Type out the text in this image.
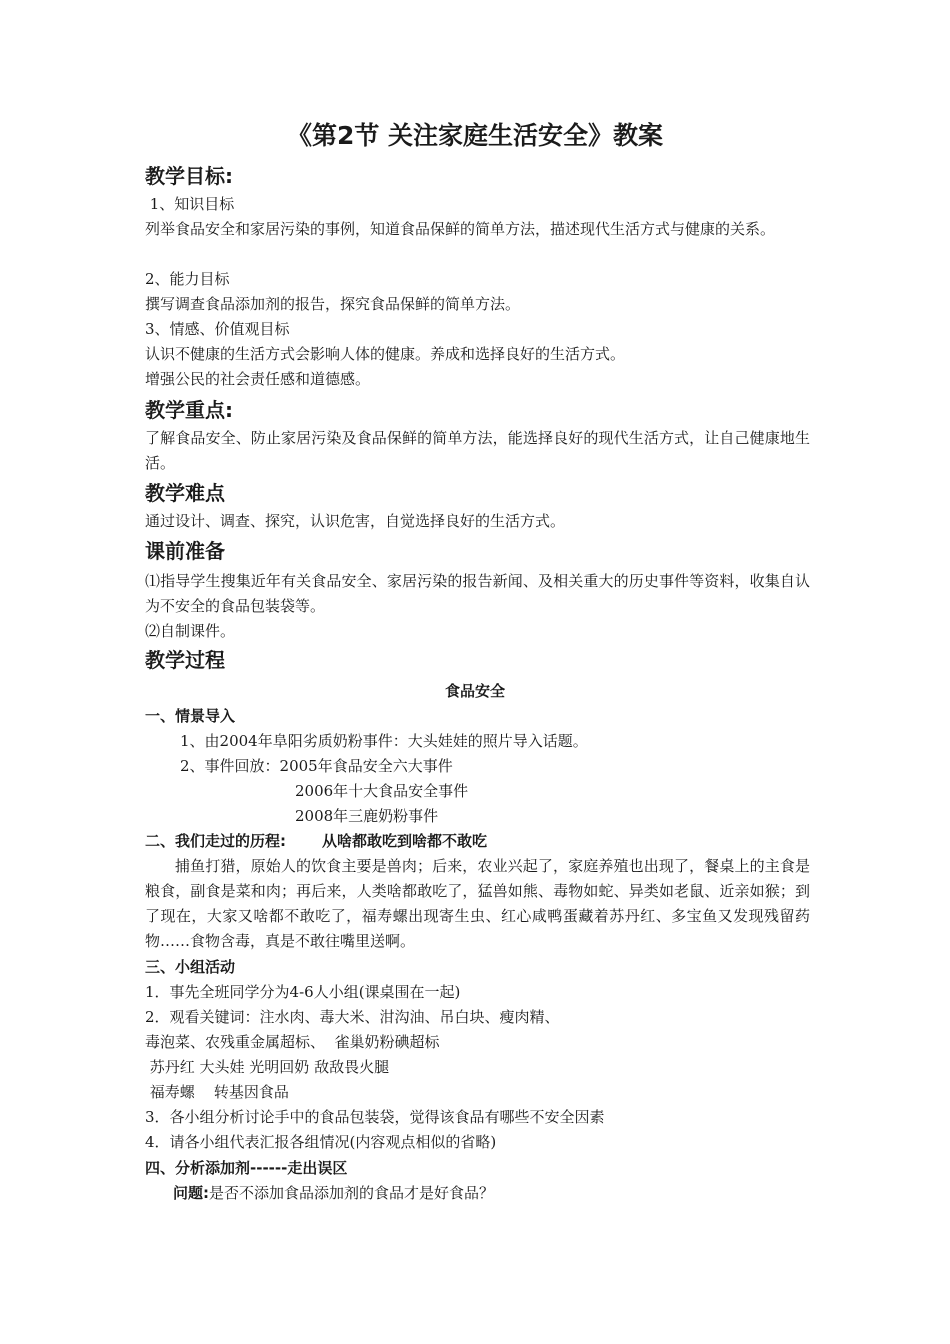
《第2节 关注家庭生活安全》教案
教学目标:
1、知识目标
列举食品安全和家居污染的事例，知道食品保鲜的简单方法，描述现代生活方式与健康的关系。
2、能力目标
撰写调查食品添加剂的报告，探究食品保鲜的简单方法。
3、情感、价值观目标
认识不健康的生活方式会影响人体的健康。养成和选择良好的生活方式。
增强公民的社会责任感和道德感。
教学重点:
了解食品安全、防止家居污染及食品保鲜的简单方法，能选择良好的现代生活方式，让自己健康地生活。
教学难点
通过设计、调查、探究，认识危害，自觉选择良好的生活方式。
课前准备
⑴指导学生搜集近年有关食品安全、家居污染的报告新闻、及相关重大的历史事件等资料，收集自认为不安全的食品包装袋等。
⑵自制课件。
教学过程
食品安全
一、情景导入
1、由2004年阜阳劣质奶粉事件：大头娃娃的照片导入话题。
2、事件回放：2005年食品安全六大事件
2006年十大食品安全事件
2008年三鹿奶粉事件
二、我们走过的历程: 从啥都敢吃到啥都不敢吃
捕鱼打猎，原始人的饮食主要是兽肉；后来，农业兴起了，家庭养殖也出现了，餐桌上的主食是粮食，副食是菜和肉；再后来，人类啥都敢吃了，猛兽如熊、毒物如蛇、异类如老鼠、近亲如猴；到了现在，大家又啥都不敢吃了，福寿螺出现寄生虫、红心咸鸭蛋藏着苏丹红、多宝鱼又发现残留药物……食物含毒，真是不敢往嘴里送啊。
三、小组活动
1．事先全班同学分为4-6人小组(课桌围在一起)
2．观看关键词：注水肉、毒大米、泔沟油、吊白块、瘦肉精、
毒泡菜、农残重金属超标、  雀巢奶粉碘超标
苏丹红 大头娃 光明回奶 敌敌畏火腿
福寿螺    转基因食品
3．各小组分析讨论手中的食品包装袋，觉得该食品有哪些不安全因素
4．请各小组代表汇报各组情况(内容观点相似的省略)
四、分析添加剂------走出误区
问题:是否不添加食品添加剂的食品才是好食品？
